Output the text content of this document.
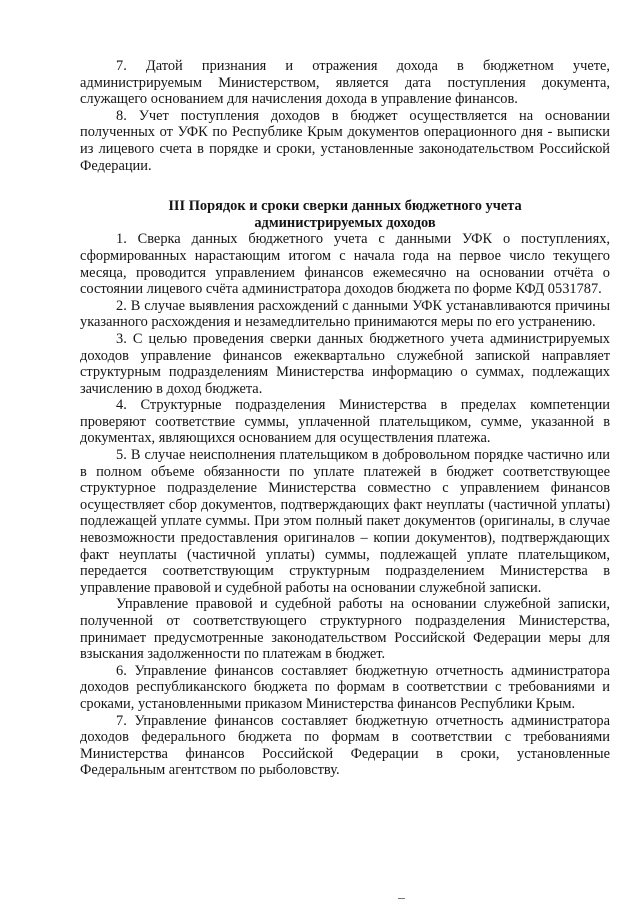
7. Датой признания и отражения дохода в бюджетном учете, администрируемым Министерством, является дата поступления документа, служащего основанием для начисления дохода в управление финансов.

8. Учет поступления доходов в бюджет осуществляется на основании полученных от УФК по Республике Крым документов операционного дня - выписки из лицевого счета в порядке и сроки, установленные законодательством Российской Федерации.

III Порядок и сроки сверки данных бюджетного учета
администрируемых доходов

1. Сверка данных бюджетного учета с данными УФК о поступлениях, сформированных нарастающим итогом с начала года на первое число текущего месяца, проводится управлением финансов ежемесячно на основании отчёта о состоянии лицевого счёта администратора доходов бюджета по форме КФД 0531787.

2. В случае выявления расхождений с данными УФК устанавливаются причины указанного расхождения и незамедлительно принимаются меры по его устранению.

3. С целью проведения сверки данных бюджетного учета администрируемых доходов управление финансов ежеквартально служебной запиской направляет структурным подразделениям Министерства информацию о суммах, подлежащих зачислению в доход бюджета.

4. Структурные подразделения Министерства в пределах компетенции проверяют соответствие суммы, уплаченной плательщиком, сумме, указанной в документах, являющихся основанием для осуществления платежа.

5. В случае неисполнения плательщиком в добровольном порядке частично или в полном объеме обязанности по уплате платежей в бюджет соответствующее структурное подразделение Министерства совместно с управлением финансов осуществляет сбор документов, подтверждающих факт неуплаты (частичной уплаты) подлежащей уплате суммы. При этом полный пакет документов (оригиналы, в случае невозможности предоставления оригиналов – копии документов), подтверждающих факт неуплаты (частичной уплаты) суммы, подлежащей уплате плательщиком, передается соответствующим структурным подразделением Министерства в управление правовой и судебной работы на основании служебной записки.

Управление правовой и судебной работы на основании служебной записки, полученной от соответствующего структурного подразделения Министерства, принимает предусмотренные законодательством Российской Федерации меры для взыскания задолженности по платежам в бюджет.

6. Управление финансов составляет бюджетную отчетность администратора доходов республиканского бюджета по формам в соответствии с требованиями и сроками, установленными приказом Министерства финансов Республики Крым.

7. Управление финансов составляет бюджетную отчетность администратора доходов федерального бюджета по формам в соответствии с требованиями Министерства финансов Российской Федерации в сроки, установленные Федеральным агентством по рыболовству.
